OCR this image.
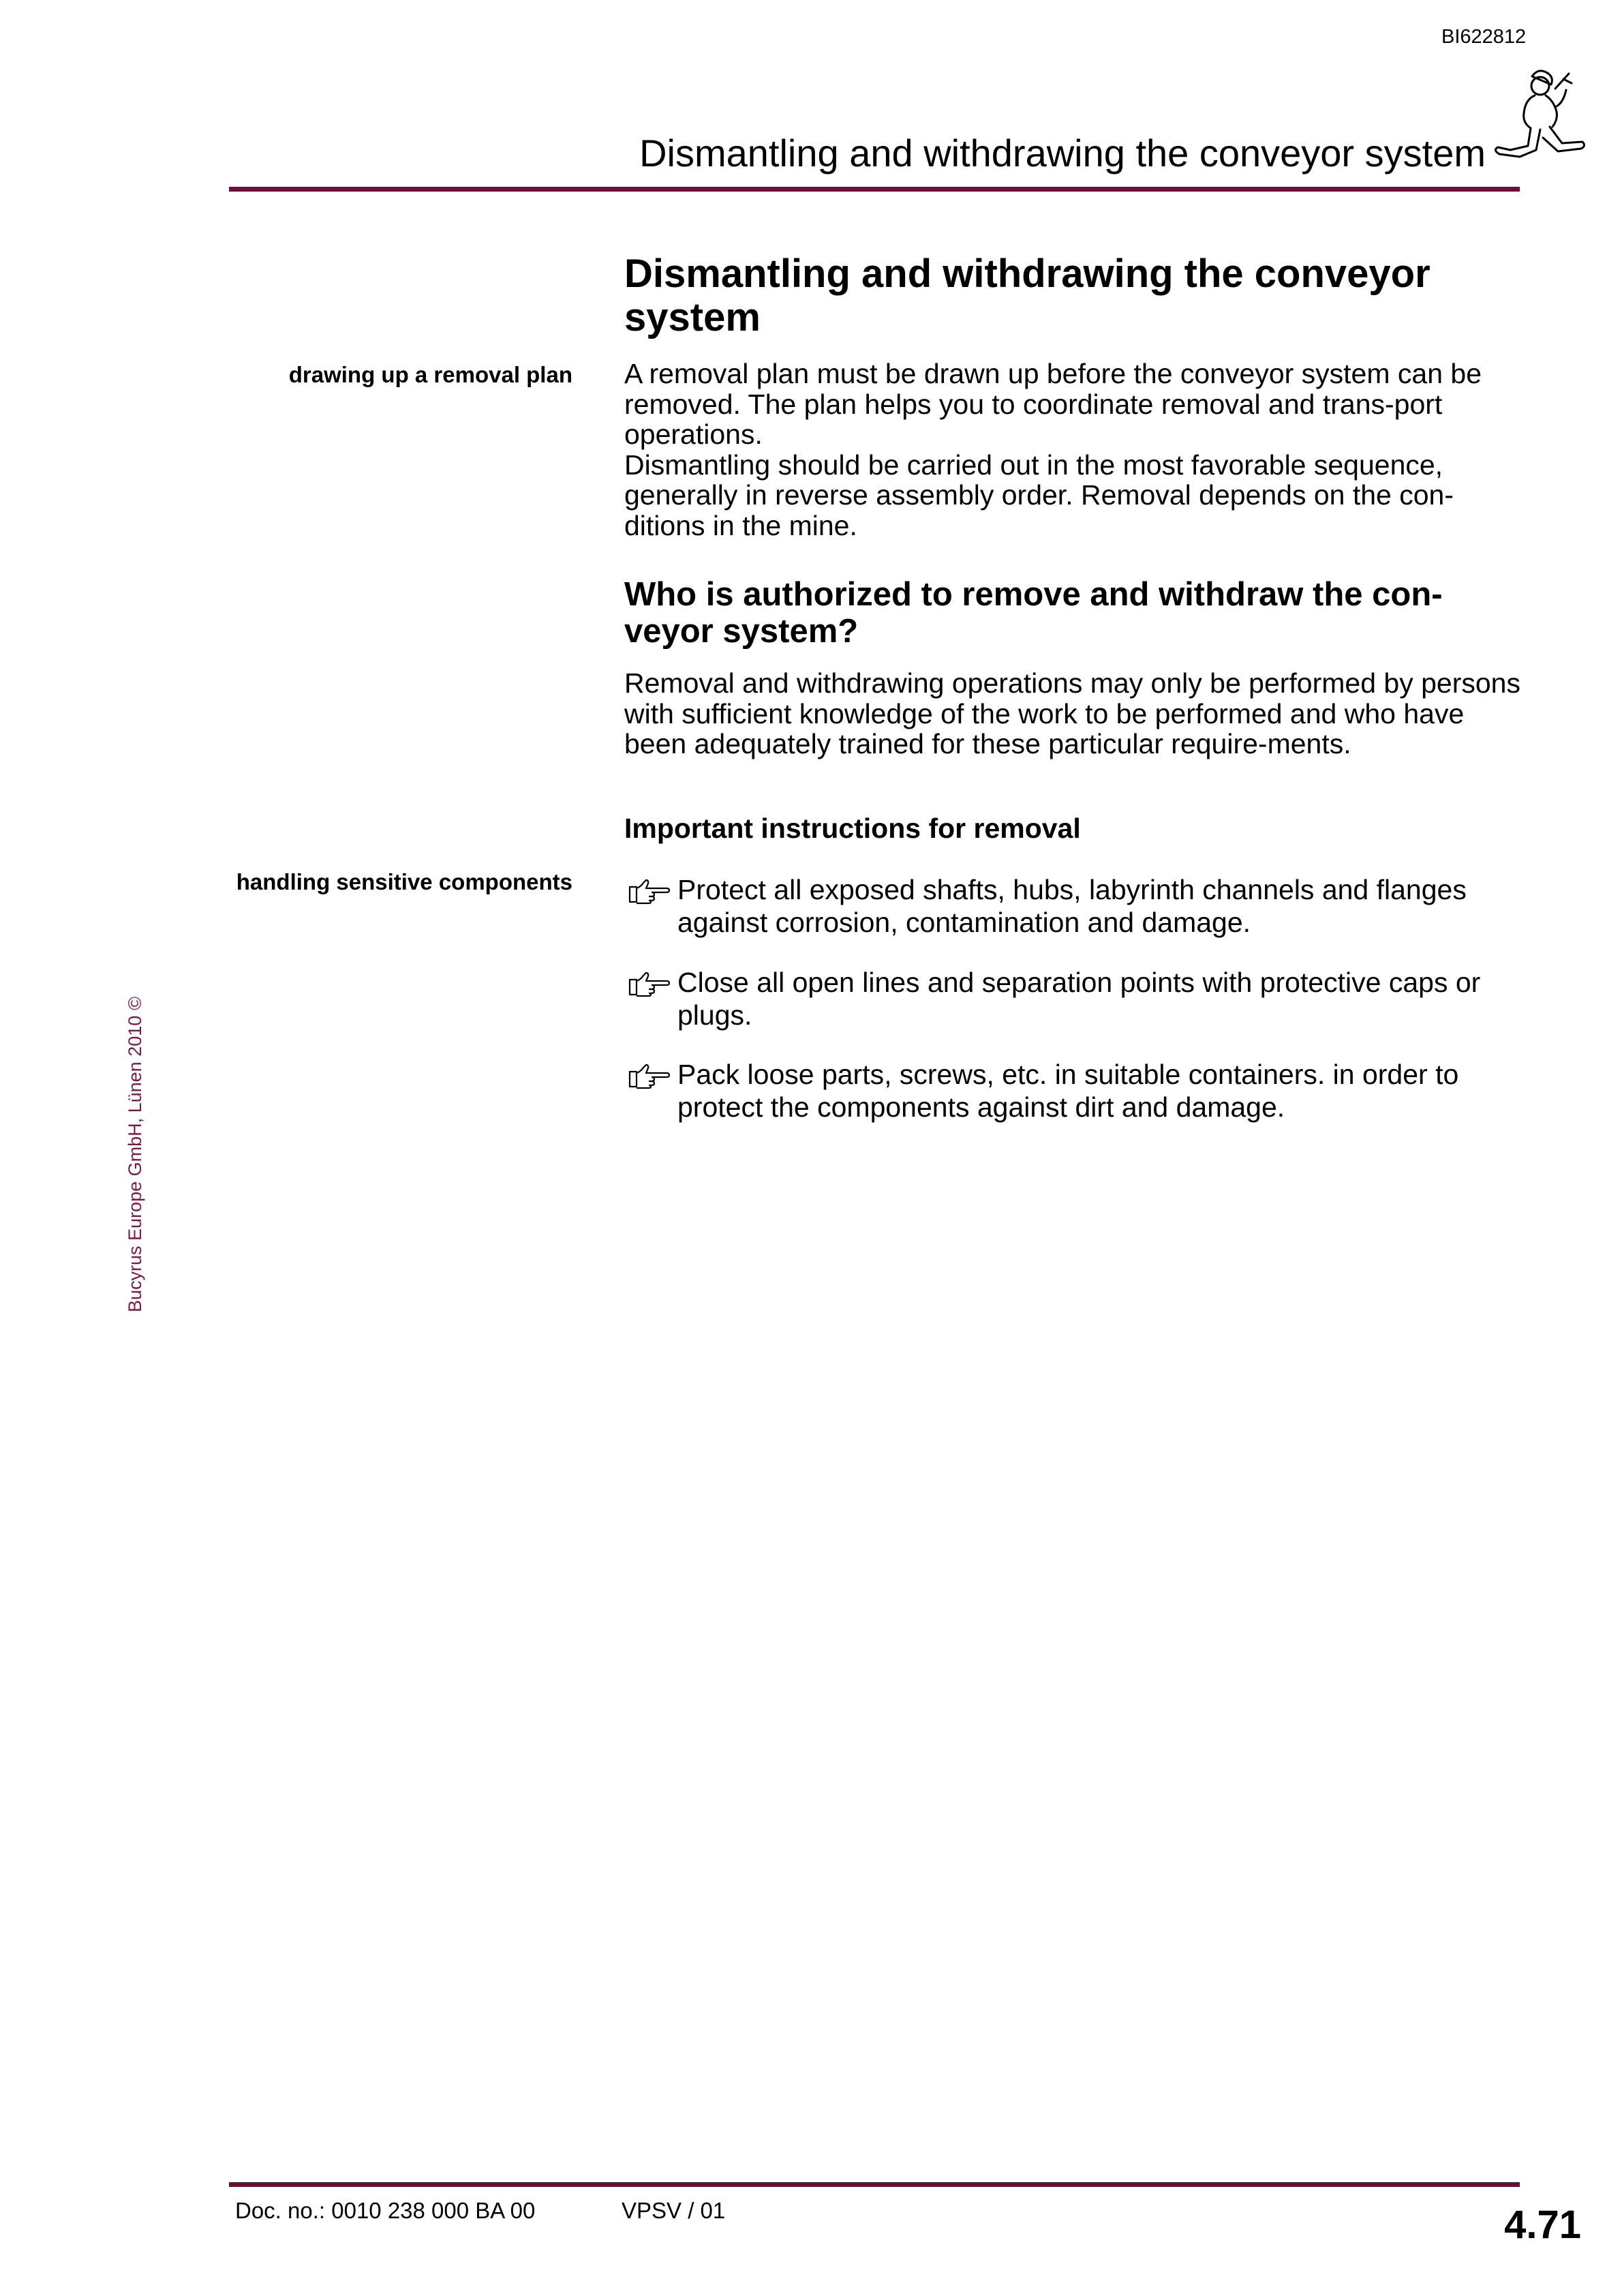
BI622812
Dismantling and withdrawing the conveyor system
Dismantling and withdrawing the conveyor system
drawing up a removal plan A removal plan must be drawn up before the conveyor system can be removed. The plan helps you to coordinate removal and trans-port operations.
Dismantling should be carried out in the most favorable sequence, generally in reverse assembly order. Removal depends on the con-ditions in the mine.
Who is authorized to remove and withdraw the con-veyor system?
Removal and withdrawing operations may only be performed by persons with sufficient knowledge of the work to be performed and who have been adequately trained for these particular require-ments.
Important instructions for removal
handling sensitive components	Protect all exposed shafts, hubs, labyrinth channels and flanges against corrosion, contamination and damage.
Close all open lines and separation points with protective caps or plugs.
Pack loose parts, screws, etc. in suitable containers. in order to protect the components against dirt and damage.
Bucyrus Europe GmbH, Lünen 2010©
Doc. no.: 0010 238 000 BA 00	VPSV / 01	4.71
